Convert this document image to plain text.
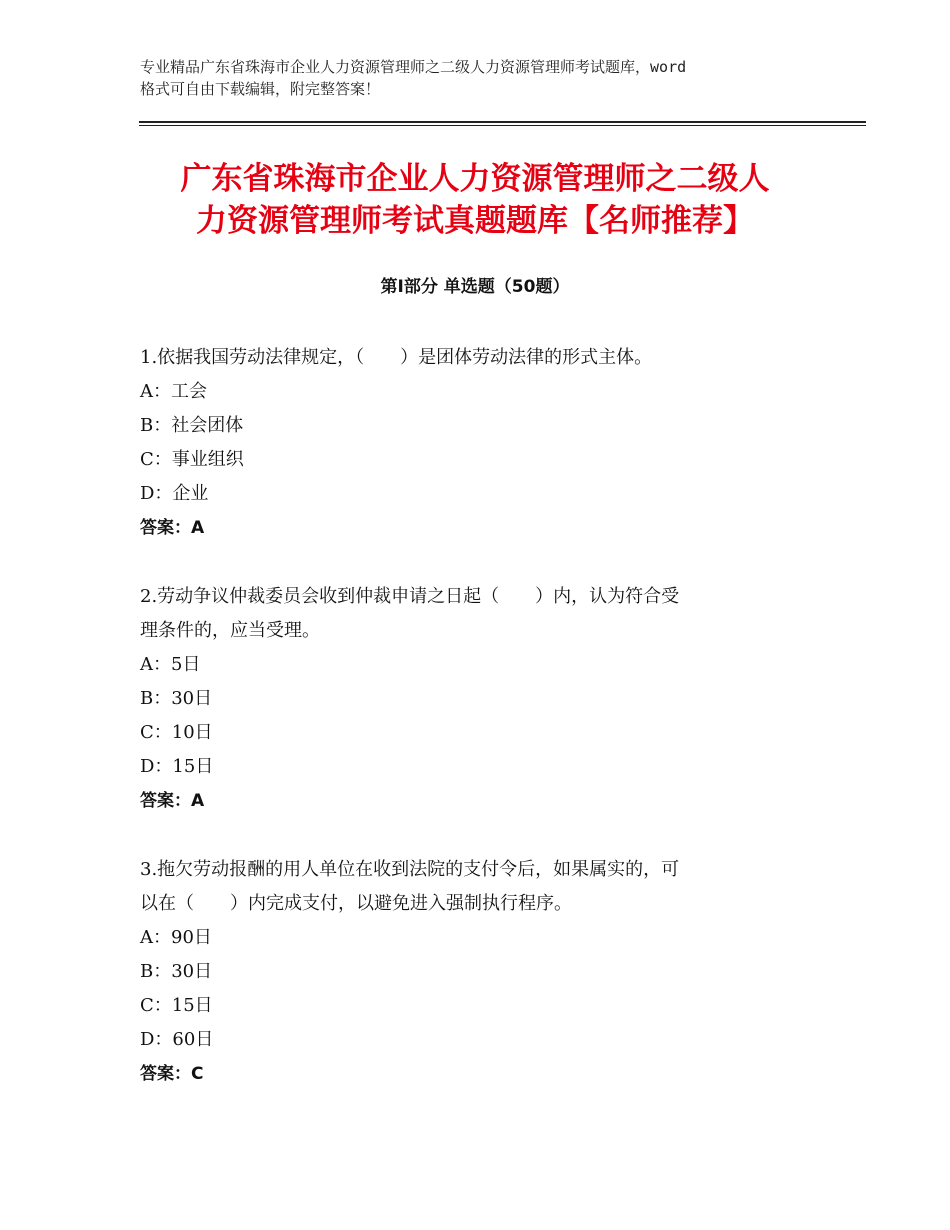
专业精品广东省珠海市企业人力资源管理师之二级人力资源管理师考试题库，word
格式可自由下载编辑，附完整答案！
广东省珠海市企业人力资源管理师之二级人
力资源管理师考试真题题库【名师推荐】
第Ⅰ部分 单选题（50题）

1.依据我国劳动法律规定，（　　）是团体劳动法律的形式主体。

A：工会

B：社会团体

C：事业组织

D：企业

答案：A

2.劳动争议仲裁委员会收到仲裁申请之日起（　　）内，认为符合受

理条件的，应当受理。

A：5日

B：30日

C：10日

D：15日

答案：A

3.拖欠劳动报酬的用人单位在收到法院的支付令后，如果属实的，可

以在（　　）内完成支付，以避免进入强制执行程序。

A：90日

B：30日

C：15日

D：60日

答案：C
